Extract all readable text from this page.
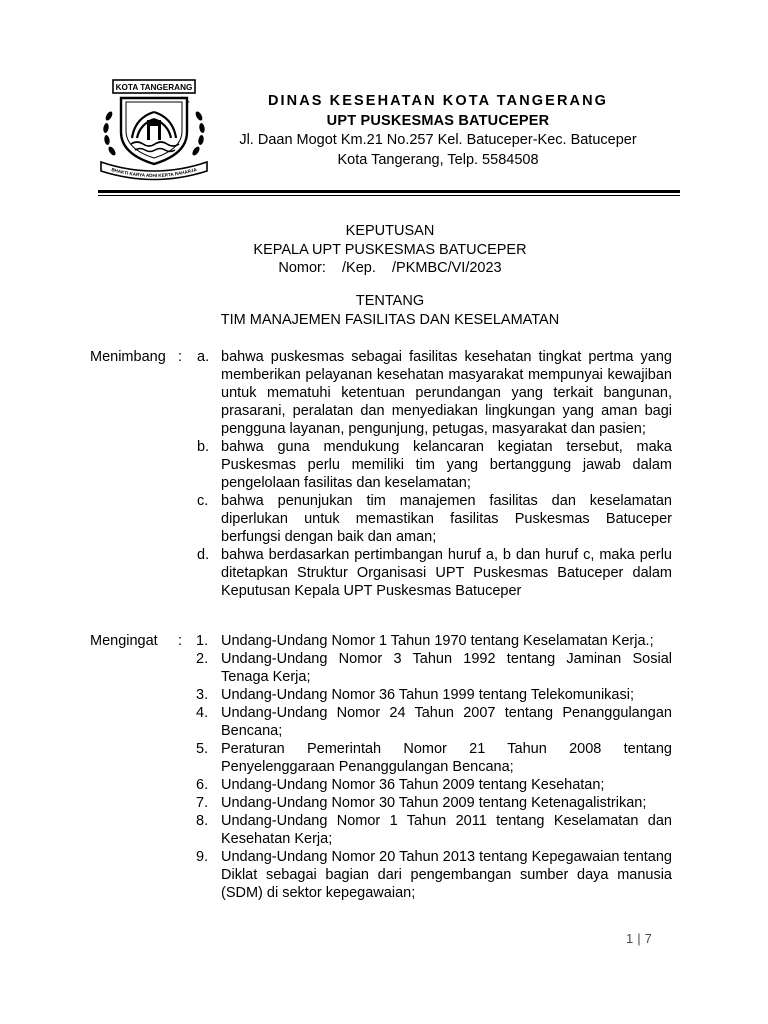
KOTA TANGERANG
BHAKTI KARYA ADHI KERTA RAHARJA
DINAS KESEHATAN KOTA TANGERANG
UPT PUSKESMAS BATUCEPER
Jl. Daan Mogot Km.21 No.257 Kel. Batuceper-Kec. Batuceper
Kota Tangerang, Telp. 5584508
KEPUTUSAN
KEPALA UPT PUSKESMAS BATUCEPER
Nomor:    /Kep.    /PKMBC/VI/2023
TENTANG
TIM MANAJEMEN FASILITAS DAN KESELAMATAN
Menimbang : a. bahwa puskesmas sebagai fasilitas kesehatan tingkat pertma yang memberikan pelayanan kesehatan masyarakat mempunyai kewajiban untuk mematuhi ketentuan perundangan yang terkait bangunan, prasarani, peralatan dan menyediakan lingkungan yang aman bagi pengguna layanan, pengunjung, petugas, masyarakat dan pasien;
b. bahwa guna mendukung kelancaran kegiatan tersebut, maka Puskesmas perlu memiliki tim yang bertanggung jawab dalam pengelolaan fasilitas dan keselamatan;
c. bahwa penunjukan tim manajemen fasilitas dan keselamatan diperlukan untuk memastikan fasilitas Puskesmas Batuceper berfungsi dengan baik dan aman;
d. bahwa berdasarkan pertimbangan huruf a, b dan huruf c, maka perlu ditetapkan Struktur Organisasi UPT Puskesmas Batuceper dalam Keputusan Kepala UPT Puskesmas Batuceper
Mengingat	: 1. Undang-Undang Nomor 1 Tahun 1970 tentang Keselamatan Kerja.;
2. Undang-Undang Nomor 3 Tahun 1992 tentang Jaminan Sosial Tenaga Kerja;
3. Undang-Undang Nomor 36 Tahun 1999 tentang Telekomunikasi;
4. Undang-Undang Nomor 24 Tahun 2007 tentang Penanggulangan Bencana;
5. Peraturan Pemerintah Nomor 21 Tahun 2008 tentang Penyelenggaraan Penanggulangan Bencana;
6. Undang-Undang Nomor 36 Tahun 2009 tentang Kesehatan;
7. Undang-Undang Nomor 30 Tahun 2009 tentang Ketenagalistrikan;
8. Undang-Undang Nomor 1 Tahun 2011 tentang Keselamatan dan Kesehatan Kerja;
9. Undang-Undang Nomor 20 Tahun 2013 tentang Kepegawaian tentang Diklat sebagai bagian dari pengembangan sumber daya manusia (SDM) di sektor kepegawaian;
1 | 7
